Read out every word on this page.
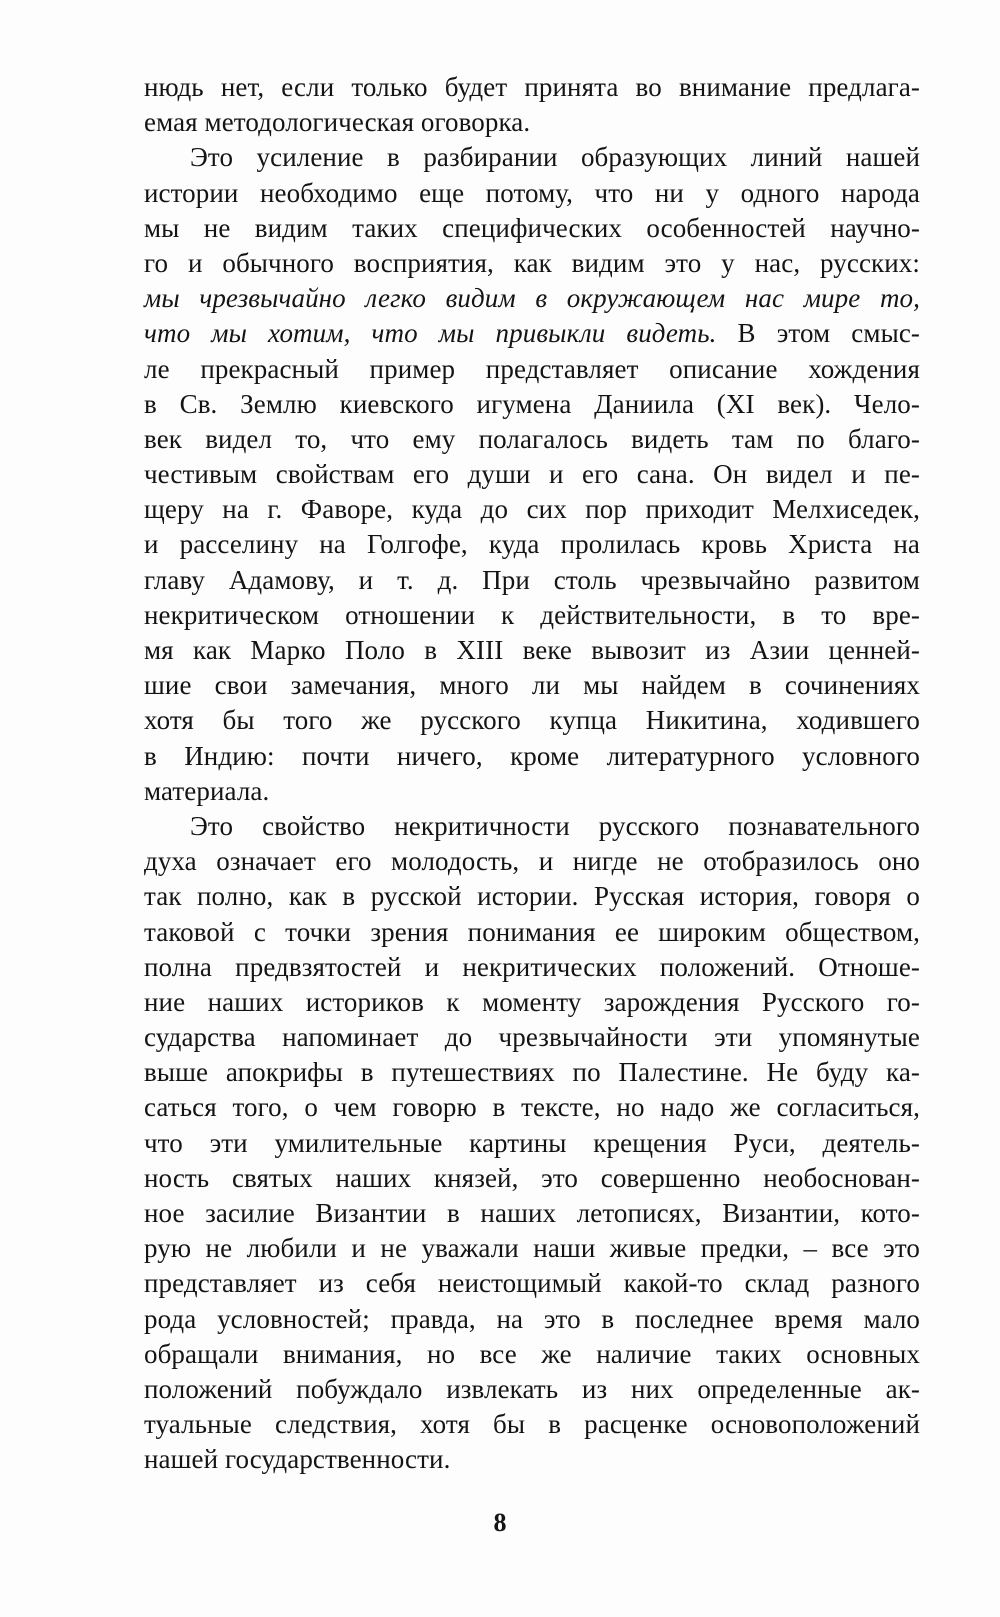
нюдь нет, если только будет принята во внимание предлага-
емая методологическая оговорка.
Это усиление в разбирании образующих линий нашей
истории необходимо еще потому, что ни у одного народа
мы не видим таких специфических особенностей научно-
го и обычного восприятия, как видим это у нас, русских:
мы чрезвычайно легко видим в окружающем нас мире то,
что мы хотим, что мы привыкли видеть. В этом смыс-
ле прекрасный пример представляет описание хождения
в Св. Землю киевского игумена Даниила (XI век). Чело-
век видел то, что ему полагалось видеть там по благо-
честивым свойствам его души и его сана. Он видел и пе-
щеру на г. Фаворе, куда до сих пор приходит Мелхиседек,
и расселину на Голгофе, куда пролилась кровь Христа на
главу Адамову, и т. д. При столь чрезвычайно развитом
некритическом отношении к действительности, в то вре-
мя как Марко Поло в XIII веке вывозит из Азии ценней-
шие свои замечания, много ли мы найдем в сочинениях
хотя бы того же русского купца Никитина, ходившего
в Индию: почти ничего, кроме литературного условного
материала.
Это свойство некритичности русского познавательного
духа означает его молодость, и нигде не отобразилось оно
так полно, как в русской истории. Русская история, говоря о
таковой с точки зрения понимания ее широким обществом,
полна предвзятостей и некритических положений. Отноше-
ние наших историков к моменту зарождения Русского го-
сударства напоминает до чрезвычайности эти упомянутые
выше апокрифы в путешествиях по Палестине. Не буду ка-
саться того, о чем говорю в тексте, но надо же согласиться,
что эти умилительные картины крещения Руси, деятель-
ность святых наших князей, это совершенно необоснован-
ное засилие Византии в наших летописях, Византии, кото-
рую не любили и не уважали наши живые предки, – все это
представляет из себя неистощимый какой-то склад разного
рода условностей; правда, на это в последнее время мало
обращали внимания, но все же наличие таких основных
положений побуждало извлекать из них определенные ак-
туальные следствия, хотя бы в расценке основоположений
нашей государственности.
8
